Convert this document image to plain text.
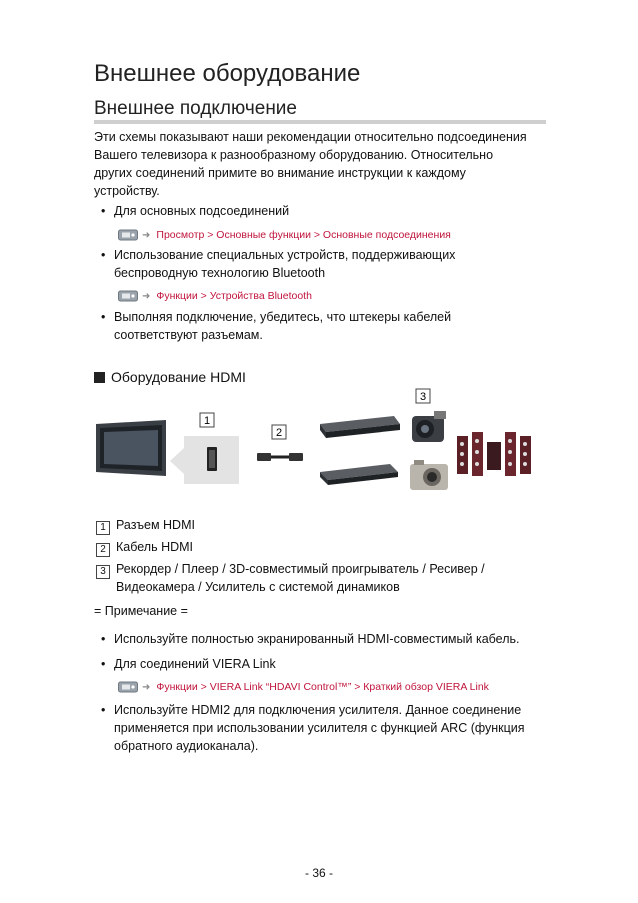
Внешнее оборудование
Внешнее подключение
Эти схемы показывают наши рекомендации относительно подсоединения Вашего телевизора к разнообразному оборудованию. Относительно других соединений примите во внимание инструкции к каждому устройству.
• Для основных подсоединений
➜ Просмотр > Основные функции > Основные подсоединения
• Использование специальных устройств, поддерживающих беспроводную технологию Bluetooth
➜ Функции > Устройства Bluetooth
• Выполняя подключение, убедитесь, что штекеры кабелей соответствуют разъемам.
Оборудование HDMI
1
2
3
1 Разъем HDMI
2 Кабель HDMI
3 Рекордер / Плеер / 3D-совместимый проигрыватель / Ресивер / Видеокамера / Усилитель с системой динамиков
= Примечание =
• Используйте полностью экранированный HDMI-совместимый кабель.
• Для соединений VIERA Link
➜ Функции > VIERA Link “HDAVI Control™” > Краткий обзор VIERA Link
• Используйте HDMI2 для подключения усилителя. Данное соединение применяется при использовании усилителя с функцией ARC (функция обратного аудиоканала).
- 36 -
